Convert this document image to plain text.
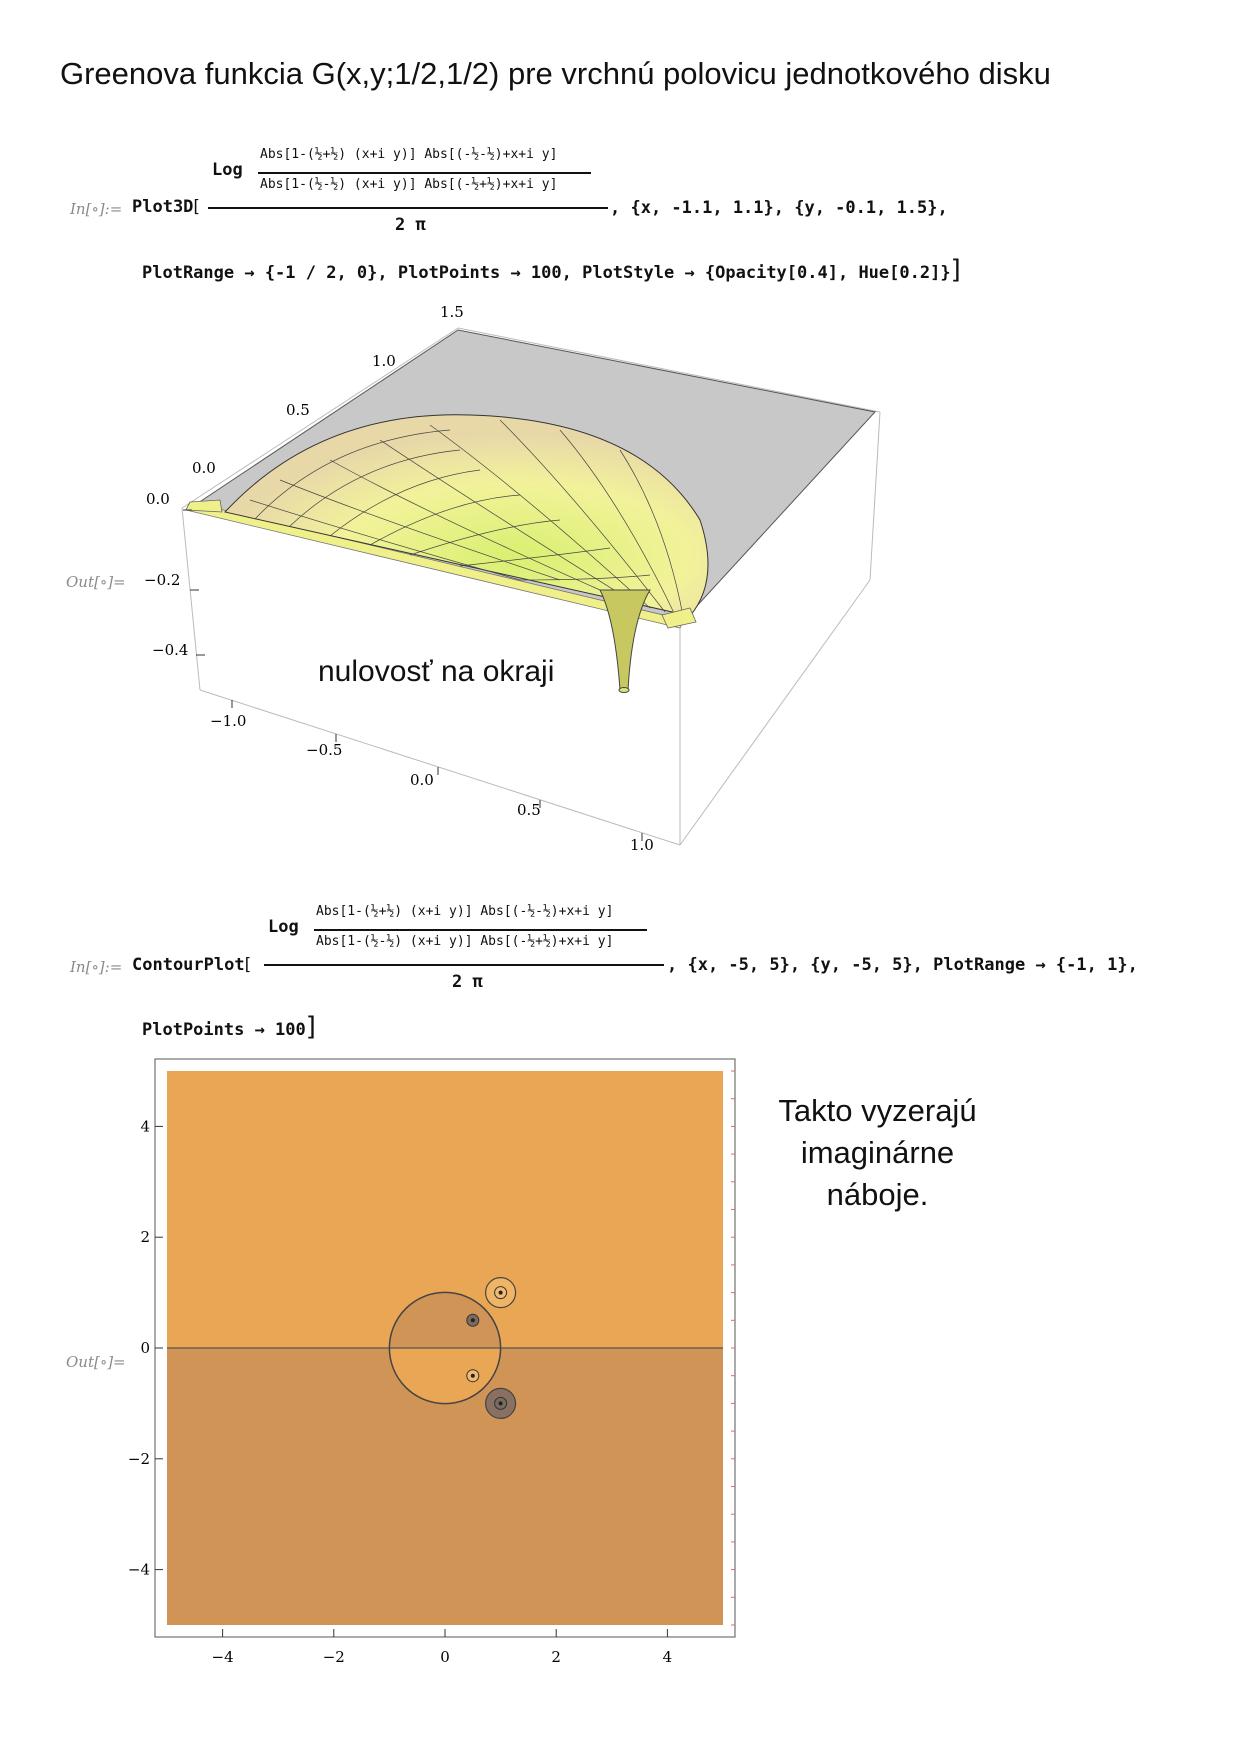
Greenova funkcia G(x,y;1/2,1/2) pre vrchnú polovicu jednotkového disku
In[∘]:= Plot3D[
Log
Abs[1-(½+½) (x+i y)] Abs[(-½-½)+x+i y]
Abs[1-(½-½) (x+i y)] Abs[(-½+½)+x+i y]
2 π
, {x, -1.1, 1.1}, {y, -0.1, 1.5},
PlotRange → {-1 / 2, 0}, PlotPoints → 100, PlotStyle → {Opacity[0.4], Hue[0.2]}]
Out[∘]=
1.5
1.0
0.5
0.0
0.0
−0.2
−0.4
−1.0
−0.5
0.0
0.5
1.0
nulovosť na okraji
In[∘]:= ContourPlot[
Log
Abs[1-(½+½) (x+i y)] Abs[(-½-½)+x+i y]
Abs[1-(½-½) (x+i y)] Abs[(-½+½)+x+i y]
2 π
, {x, -5, 5}, {y, -5, 5}, PlotRange → {-1, 1},
PlotPoints → 100]
Out[∘]=
−4	−2	0	2	4
4
2
0
−2
−4
Takto vyzerajú
imaginárne
náboje.
